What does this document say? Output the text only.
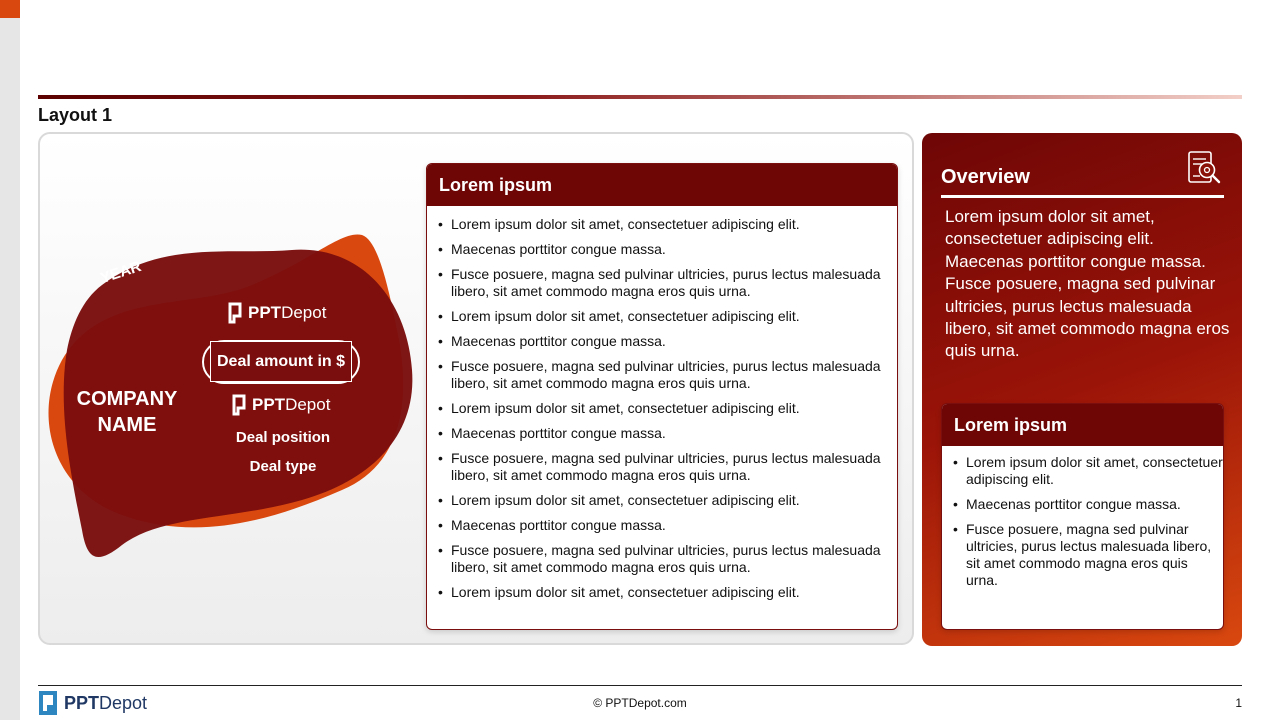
Layout 1
YEAR
COMPANY
NAME
PPT Depot
Deal amount in $
PPT Depot
Deal position
Deal type
Lorem ipsum
• Lorem ipsum dolor sit amet, consectetuer adipiscing elit.
• Maecenas porttitor congue massa.
• Fusce posuere, magna sed pulvinar ultricies, purus lectus malesuada libero, sit amet commodo magna eros quis urna.
• Lorem ipsum dolor sit amet, consectetuer adipiscing elit.
• Maecenas porttitor congue massa.
• Fusce posuere, magna sed pulvinar ultricies, purus lectus malesuada libero, sit amet commodo magna eros quis urna.
• Lorem ipsum dolor sit amet, consectetuer adipiscing elit.
• Maecenas porttitor congue massa.
• Fusce posuere, magna sed pulvinar ultricies, purus lectus malesuada libero, sit amet commodo magna eros quis urna.
• Lorem ipsum dolor sit amet, consectetuer adipiscing elit.
• Maecenas porttitor congue massa.
• Fusce posuere, magna sed pulvinar ultricies, purus lectus malesuada libero, sit amet commodo magna eros quis urna.
• Lorem ipsum dolor sit amet, consectetuer adipiscing elit.
Overview
Lorem ipsum dolor sit amet, consectetuer adipiscing elit. Maecenas porttitor congue massa. Fusce posuere, magna sed pulvinar ultricies, purus lectus malesuada libero, sit amet commodo magna eros quis urna.
Lorem ipsum
• Lorem ipsum dolor sit amet, consectetuer adipiscing elit.
• Maecenas porttitor congue massa.
• Fusce posuere, magna sed pulvinar ultricies, purus lectus malesuada libero, sit amet commodo magna eros quis urna.
PPT Depot	© PPTDepot.com	1
